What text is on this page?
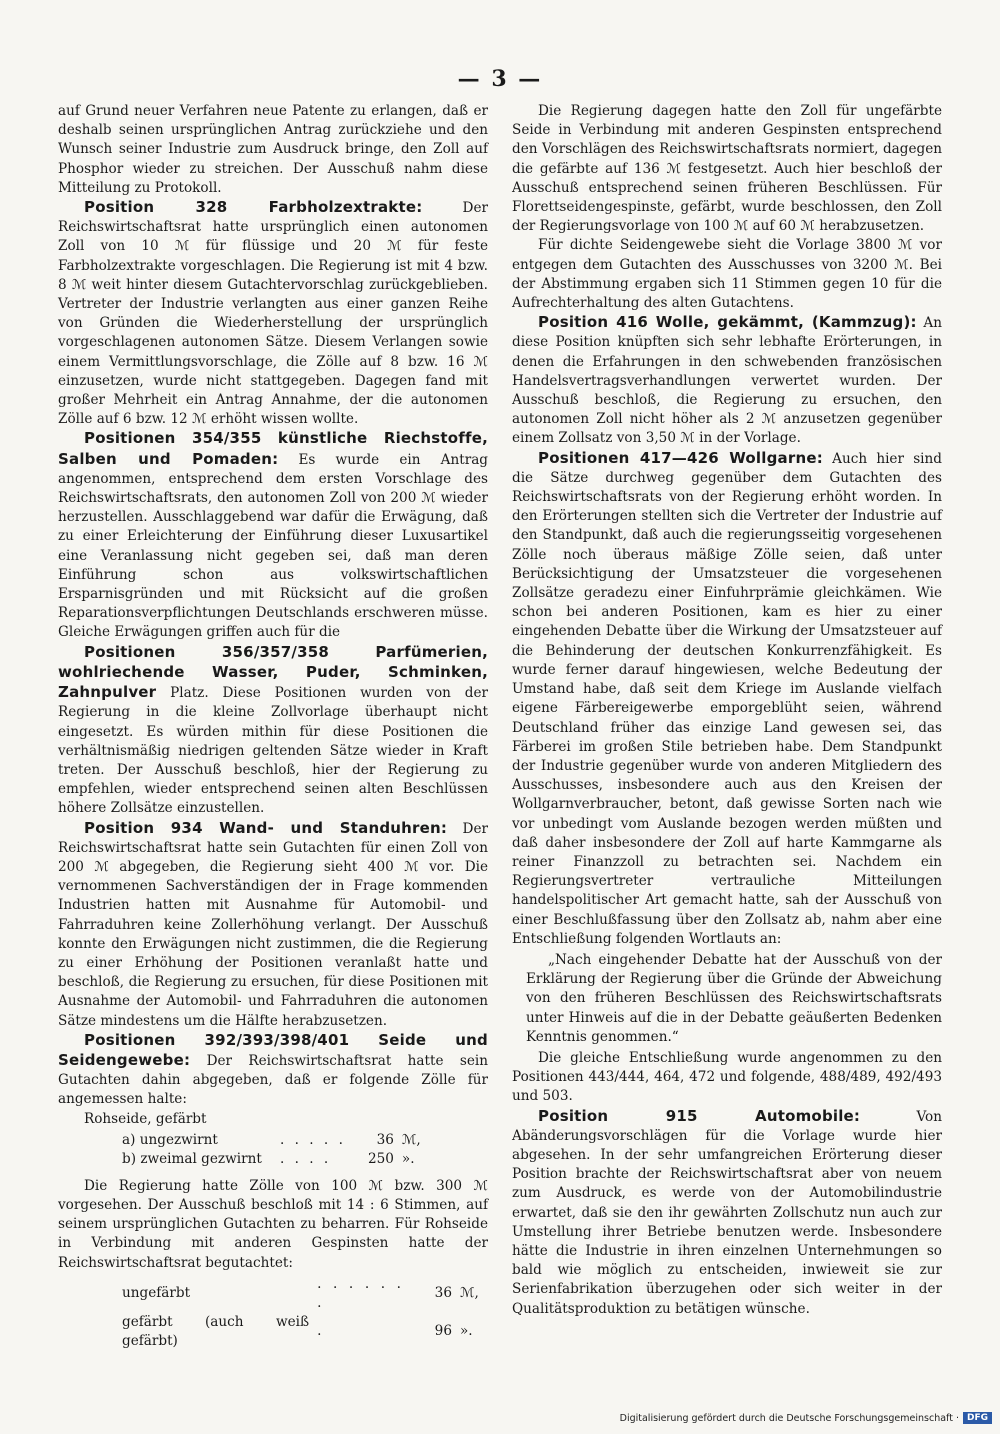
— 3 —

auf Grund neuer Verfahren neue Patente zu erlangen, daß er deshalb seinen ursprünglichen Antrag zurückziehe und den Wunsch seiner Industrie zum Ausdruck bringe, den Zoll auf Phosphor wieder zu streichen. Der Ausschuß nahm diese Mitteilung zu Protokoll.

Position 328 Farbholzextrakte:	Der Reichswirtschaftsrat hatte ursprünglich einen autonomen Zoll von 10 ℳ für flüssige und 20 ℳ für feste Farbholzextrakte vorgeschlagen. Die Regierung ist mit 4 bzw. 8 ℳ weit hinter diesem Gutachtervorschlag zurückgeblieben. Vertreter der Industrie verlangten aus einer ganzen Reihe von Gründen die Wiederherstellung der ursprünglich vorgeschlagenen autonomen Sätze. Diesem Verlangen sowie einem Vermittlungsvorschlage, die Zölle auf 8 bzw. 16 ℳ einzusetzen, wurde nicht stattgegeben. Dagegen fand mit großer Mehrheit ein Antrag Annahme, der die autonomen Zölle auf 6 bzw. 12 ℳ erhöht wissen wollte.

Positionen 354/355 künstliche Riechstoffe, Salben und Pomaden: Es wurde ein Antrag angenommen, entsprechend dem ersten Vorschlage des Reichswirtschaftsrats, den autonomen Zoll von 200 ℳ wieder herzustellen. Ausschlaggebend war dafür die Erwägung, daß zu einer Erleichterung der Einführung dieser Luxusartikel eine Veranlassung nicht gegeben sei, daß man deren Einführung schon aus volkswirtschaftlichen Ersparnisgründen und mit Rücksicht auf die großen Reparationsverpflichtungen Deutschlands erschweren müsse. Gleiche Erwägungen griffen auch für die

Positionen 356/357/358 Parfümerien, wohlriechende Wasser, Puder, Schminken, Zahnpulver Platz. Diese Positionen wurden von der Regierung in die kleine Zollvorlage überhaupt nicht eingesetzt. Es würden mithin für diese Positionen die verhältnismäßig niedrigen geltenden Sätze wieder in Kraft treten. Der Ausschuß beschloß, hier der Regierung zu empfehlen, wieder entsprechend seinen alten Beschlüssen höhere Zollsätze einzustellen.

Position 934 Wand- und Standuhren: Der Reichswirtschaftsrat hatte sein Gutachten für einen Zoll von 200 ℳ abgegeben, die Regierung sieht 400 ℳ vor. Die vernommenen Sachverständigen der in Frage kommenden Industrien hatten mit Ausnahme für Automobil- und Fahrraduhren keine Zollerhöhung verlangt. Der Ausschuß konnte den Erwägungen nicht zustimmen, die die Regierung zu einer Erhöhung der Positionen veranlaßt hatte und beschloß, die Regierung zu ersuchen, für diese Positionen mit Ausnahme der Automobil- und Fahrraduhren die autonomen Sätze mindestens um die Hälfte herabzusetzen.

Positionen 392/393/398/401 Seide und Seidengewebe: Der Reichswirtschaftsrat hatte sein Gutachten dahin abgegeben, daß er folgende Zölle für angemessen halte:

Rohseide, gefärbt

a) ungezwirnt	. . . . .	36	ℳ,
b) zweimal gezwirnt	. . . .	250	».

Die Regierung hatte Zölle von 100 ℳ bzw. 300 ℳ vorgesehen. Der Ausschuß beschloß mit 14 : 6 Stimmen, auf seinem ursprünglichen Gutachten zu beharren. Für Rohseide in Verbindung mit anderen Gespinsten hatte der Reichswirtschaftsrat begutachtet:

ungefärbt	. . . . . . .	36	ℳ,
gefärbt (auch weiß gefärbt)	.	96	».

Die Regierung dagegen hatte den Zoll für ungefärbte Seide in Verbindung mit anderen Gespinsten entsprechend den Vorschlägen des Reichswirtschaftsrats normiert, dagegen die gefärbte auf 136 ℳ festgesetzt. Auch hier beschloß der Ausschuß entsprechend seinen früheren Beschlüssen. Für Florettseidengespinste, gefärbt, wurde beschlossen, den Zoll der Regierungsvorlage von 100 ℳ auf 60 ℳ herabzusetzen.

Für dichte Seidengewebe sieht die Vorlage 3800 ℳ vor entgegen dem Gutachten des Ausschusses von 3200 ℳ. Bei der Abstimmung ergaben sich 11 Stimmen gegen 10 für die Aufrechterhaltung des alten Gutachtens.

Position 416 Wolle, gekämmt, (Kammzug): An diese Position knüpften sich sehr lebhafte Erörterungen, in denen die Erfahrungen in den schwebenden französischen Handelsvertragsverhandlungen verwertet wurden. Der Ausschuß beschloß, die Regierung zu ersuchen, den autonomen Zoll nicht höher als 2 ℳ anzusetzen gegenüber einem Zollsatz von 3,50 ℳ in der Vorlage.

Positionen 417—426 Wollgarne: Auch hier sind die Sätze durchweg gegenüber dem Gutachten des Reichswirtschaftsrats von der Regierung erhöht worden. In den Erörterungen stellten sich die Vertreter der Industrie auf den Standpunkt, daß auch die regierungsseitig vorgesehenen Zölle noch überaus mäßige Zölle seien, daß unter Berücksichtigung der Umsatzsteuer die vorgesehenen Zollsätze geradezu einer Einfuhrprämie gleichkämen. Wie schon bei anderen Positionen, kam es hier zu einer eingehenden Debatte über die Wirkung der Umsatzsteuer auf die Behinderung der deutschen Konkurrenzfähigkeit. Es wurde ferner darauf hingewiesen, welche Bedeutung der Umstand habe, daß seit dem Kriege im Auslande vielfach eigene Färbereigewerbe emporgeblüht seien, während Deutschland früher das einzige Land gewesen sei, das Färberei im großen Stile betrieben habe. Dem Standpunkt der Industrie gegenüber wurde von anderen Mitgliedern des Ausschusses, insbesondere auch aus den Kreisen der Wollgarnverbraucher, betont, daß gewisse Sorten nach wie vor unbedingt vom Auslande bezogen werden müßten und daß daher insbesondere der Zoll auf harte Kammgarne als reiner Finanzzoll zu betrachten sei. Nachdem ein Regierungsvertreter vertrauliche Mitteilungen handelspolitischer Art gemacht hatte, sah der Ausschuß von einer Beschlußfassung über den Zollsatz ab, nahm aber eine Entschließung folgenden Wortlauts an:

„Nach eingehender Debatte hat der Ausschuß von der Erklärung der Regierung über die Gründe der Abweichung von den früheren Beschlüssen des Reichswirtschaftsrats unter Hinweis auf die in der Debatte geäußerten Bedenken Kenntnis genommen.“

Die gleiche Entschließung wurde angenommen zu den Positionen 443/444, 464, 472 und folgende, 488/489, 492/493 und 503.

Position 915 Automobile:	Von Abänderungsvorschlägen für die Vorlage wurde hier abgesehen. In der sehr umfangreichen Erörterung dieser Position brachte der Reichswirtschaftsrat aber von neuem zum Ausdruck, es werde von der Automobilindustrie erwartet, daß sie den ihr gewährten Zollschutz nun auch zur Umstellung ihrer Betriebe benutzen werde. Insbesondere hätte die Industrie in ihren einzelnen Unternehmungen so bald wie möglich zu entscheiden, inwieweit sie zur Serienfabrikation überzugehen oder sich weiter in der Qualitätsproduktion zu betätigen wünsche.

Digitalisierung gefördert durch die Deutsche Forschungsgemeinschaft · DFG
